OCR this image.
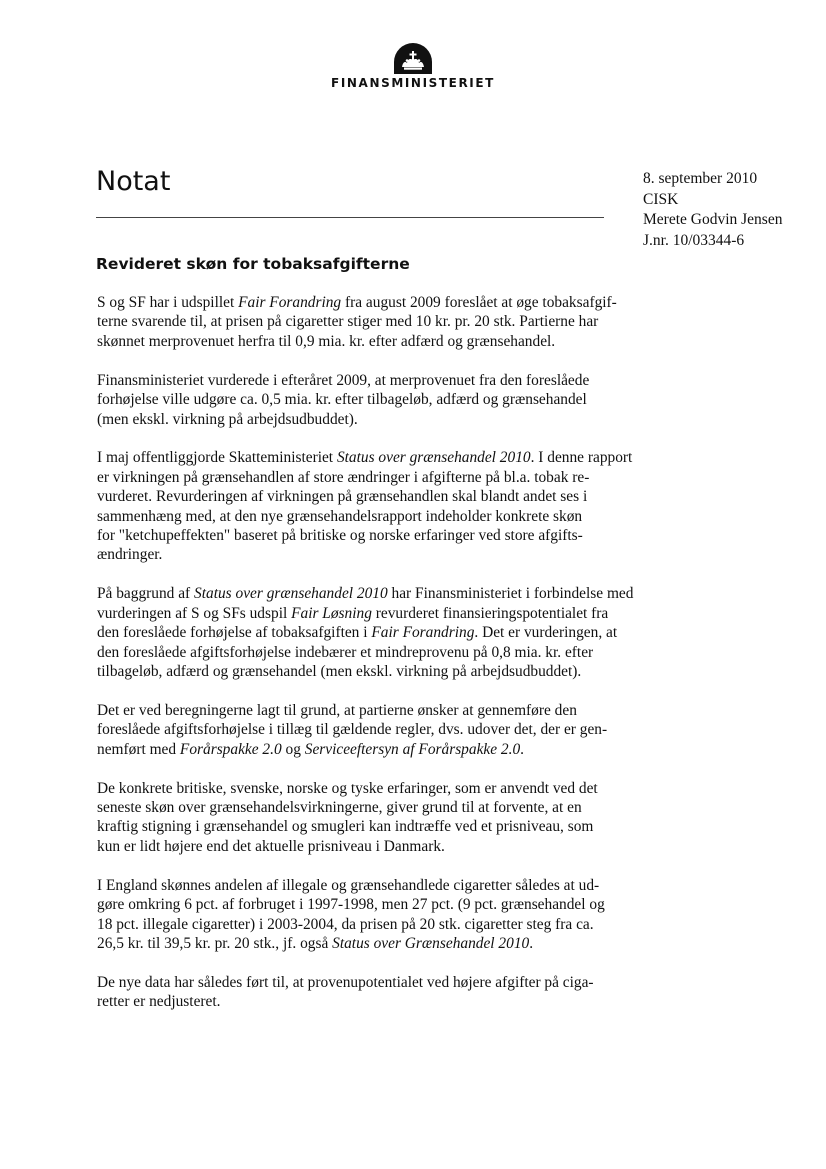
FINANSMINISTERIET
Notat	8. september 2010
CISK
Merete Godvin Jensen
J.nr. 10/03344-6
Revideret skøn for tobaksafgifterne

S og SF har i udspillet Fair Forandring fra august 2009 foreslået at øge tobaksafgif-
terne svarende til, at prisen på cigaretter stiger med 10 kr. pr. 20 stk. Partierne har
skønnet merprovenuet herfra til 0,9 mia. kr. efter adfærd og grænsehandel.

Finansministeriet vurderede i efteråret 2009, at merprovenuet fra den foreslåede
forhøjelse ville udgøre ca. 0,5 mia. kr. efter tilbageløb, adfærd og grænsehandel
(men ekskl. virkning på arbejdsudbuddet).

I maj offentliggjorde Skatteministeriet Status over grænsehandel 2010. I denne rapport
er virkningen på grænsehandlen af store ændringer i afgifterne på bl.a. tobak re-
vurderet. Revurderingen af virkningen på grænsehandlen skal blandt andet ses i
sammenhæng med, at den nye grænsehandelsrapport indeholder konkrete skøn
for "ketchupeffekten" baseret på britiske og norske erfaringer ved store afgifts-
ændringer.

På baggrund af Status over grænsehandel 2010 har Finansministeriet i forbindelse med
vurderingen af S og SFs udspil Fair Løsning revurderet finansieringspotentialet fra
den foreslåede forhøjelse af tobaksafgiften i Fair Forandring. Det er vurderingen, at
den foreslåede afgiftsforhøjelse indebærer et mindreprovenu på 0,8 mia. kr. efter
tilbageløb, adfærd og grænsehandel (men ekskl. virkning på arbejdsudbuddet).

Det er ved beregningerne lagt til grund, at partierne ønsker at gennemføre den
foreslåede afgiftsforhøjelse i tillæg til gældende regler, dvs. udover det, der er gen-
nemført med Forårspakke 2.0 og Serviceeftersyn af Forårspakke 2.0.

De konkrete britiske, svenske, norske og tyske erfaringer, som er anvendt ved det
seneste skøn over grænsehandelsvirkningerne, giver grund til at forvente, at en
kraftig stigning i grænsehandel og smugleri kan indtræffe ved et prisniveau, som
kun er lidt højere end det aktuelle prisniveau i Danmark.

I England skønnes andelen af illegale og grænsehandlede cigaretter således at ud-
gøre omkring 6 pct. af forbruget i 1997-1998, men 27 pct. (9 pct. grænsehandel og
18 pct. illegale cigaretter) i 2003-2004, da prisen på 20 stk. cigaretter steg fra ca.
26,5 kr. til 39,5 kr. pr. 20 stk., jf. også Status over Grænsehandel 2010.

De nye data har således ført til, at provenupotentialet ved højere afgifter på ciga-
retter er nedjusteret.
